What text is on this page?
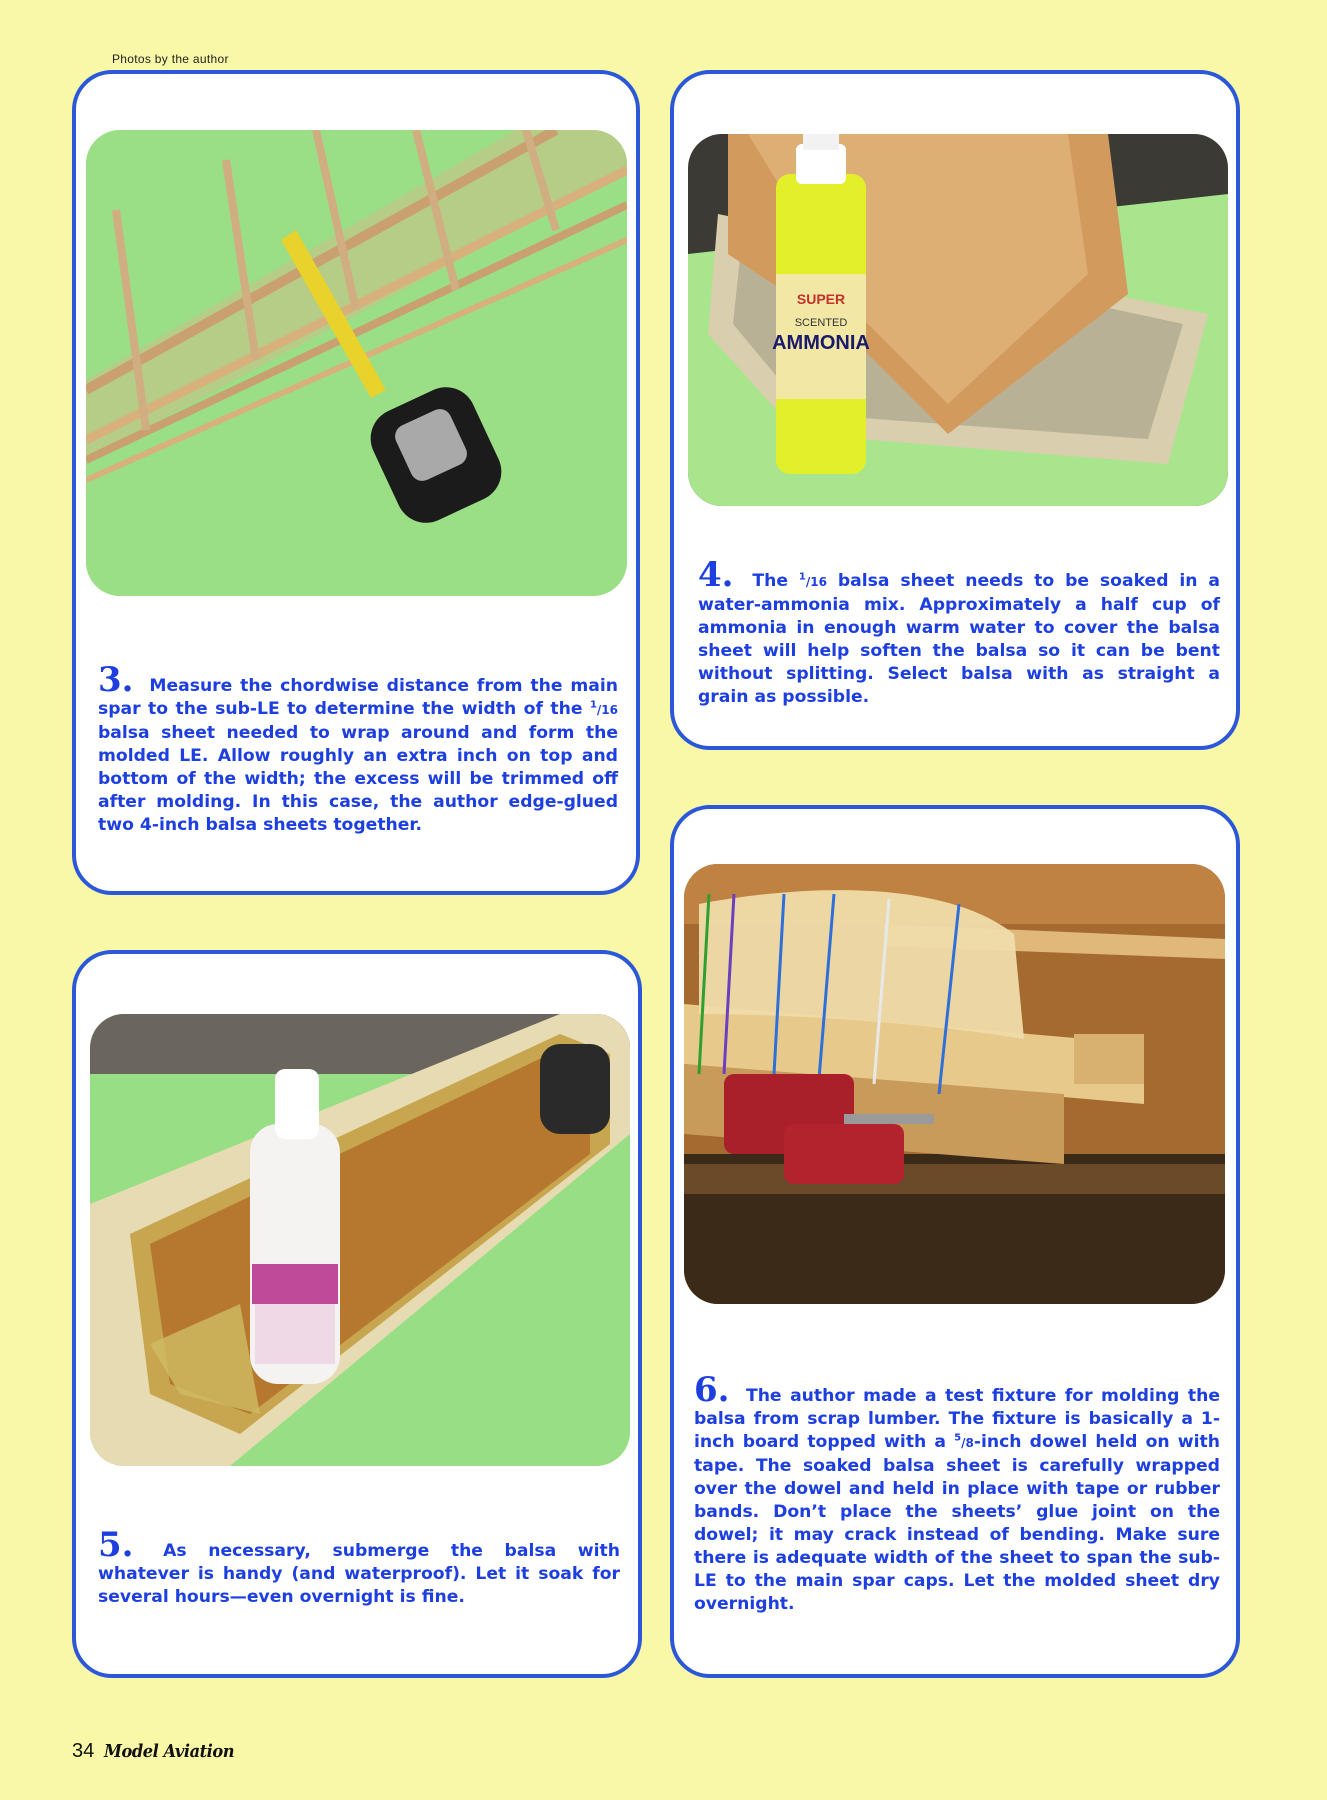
Photos by the author
3. Measure the chordwise distance from the main spar to the sub-LE to determine the width of the $^1$/16 balsa sheet needed to wrap around and form the molded LE. Allow roughly an extra inch on top and bottom of the width; the excess will be trimmed off after molding. In this case, the author edge-glued two 4-inch balsa sheets together.
SUPER
SCENTED
AMMONIA
4. The $^1$/16 balsa sheet needs to be soaked in a water-ammonia mix. Approximately a half cup of ammonia in enough warm water to cover the balsa sheet will help soften the balsa so it can be bent without splitting. Select balsa with as straight a grain as possible.
5. As necessary, submerge the balsa with whatever is handy (and waterproof). Let it soak for several hours—even overnight is fine.
6. The author made a test fixture for molding the balsa from scrap lumber. The fixture is basically a 1-inch board topped with a $^5$/8-inch dowel held on with tape. The soaked balsa sheet is carefully wrapped over the dowel and held in place with tape or rubber bands. Don’t place the sheets’ glue joint on the dowel; it may crack instead of bending. Make sure there is adequate width of the sheet to span the sub-LE to the main spar caps. Let the molded sheet dry overnight.
34 Model Aviation
